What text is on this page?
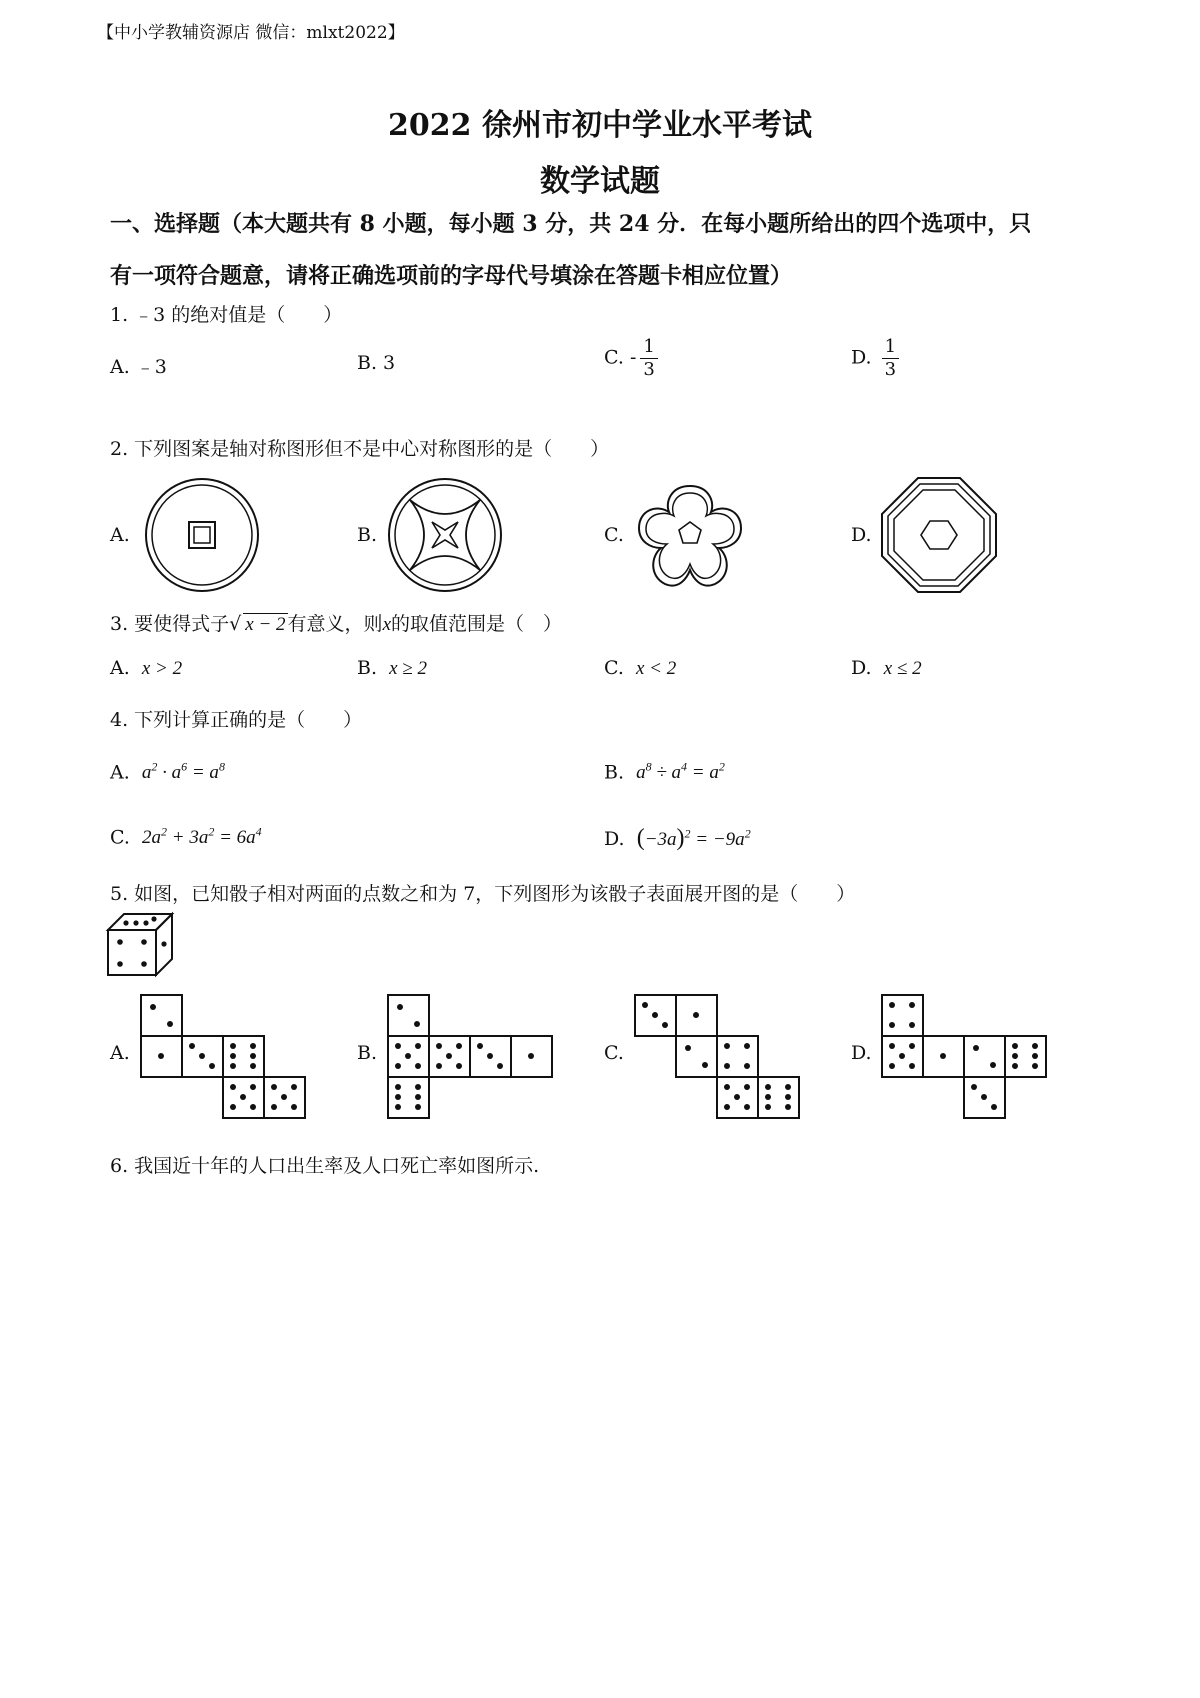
【中小学教辅资源店 微信：mlxt2022】
2022 徐州市初中学业水平考试
数学试题
一、选择题（本大题共有 8 小题，每小题 3 分，共 24 分．在每小题所给出的四个选项中，只
有一项符合题意，请将正确选项前的字母代号填涂在答题卡相应位置）
1. ﹣3 的绝对值是（　　）
A. ﹣3	B. 3	C. - $\frac{1}{3}$	D. $\frac{1}{3}$
2. 下列图案是轴对称图形但不是中心对称图形的是（　　）
A.	B.	C.	D.
3. 要使得式子√ x − 2 有意义，则x的取值范围是（　）
A. x > 2	B. x ≥ 2	C. x < 2	D. x ≤ 2
4. 下列计算正确的是（　　）
A. $a^2 \cdot a^6 = a^8$	B. $a^8 \div a^4 = a^2$
C. $2a^2 + 3a^2 = 6a^4$	D. $(-3a)^2 = -9a^2$
5. 如图，已知骰子相对两面的点数之和为 7，下列图形为该骰子表面展开图的是（　　）
A.	B.	C.	D.
6. 我国近十年的人口出生率及人口死亡率如图所示.
